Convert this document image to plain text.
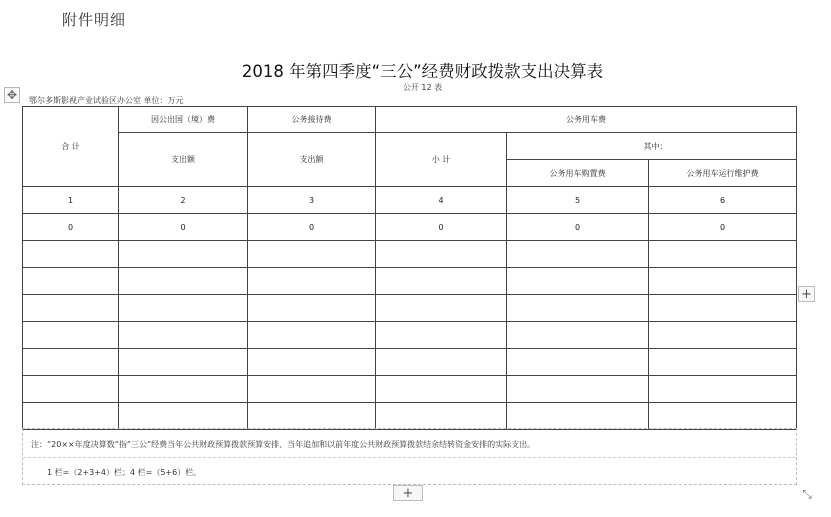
附件明细
✥
2018 年第四季度“三公”经费财政拨款支出决算表
公开 12 表
鄂尔多斯影视产业试验区办公室 单位：万元
合 计	因公出国（境）费	公务接待费	公务用车费		
	支出额	支出额	小 计	其中：	
				公务用车购置费	公务用车运行维护费
1	2	3	4	5	6
0	0	0	0	0	0

注：“20××年度决算数”指“三公”经费当年公共财政预算拨款预算安排、当年追加和以前年度公共财政预算拨款结余结转资金安排的实际支出。
1 栏=（2+3+4）栏；4 栏=（5+6）栏。
+
+	⤡
